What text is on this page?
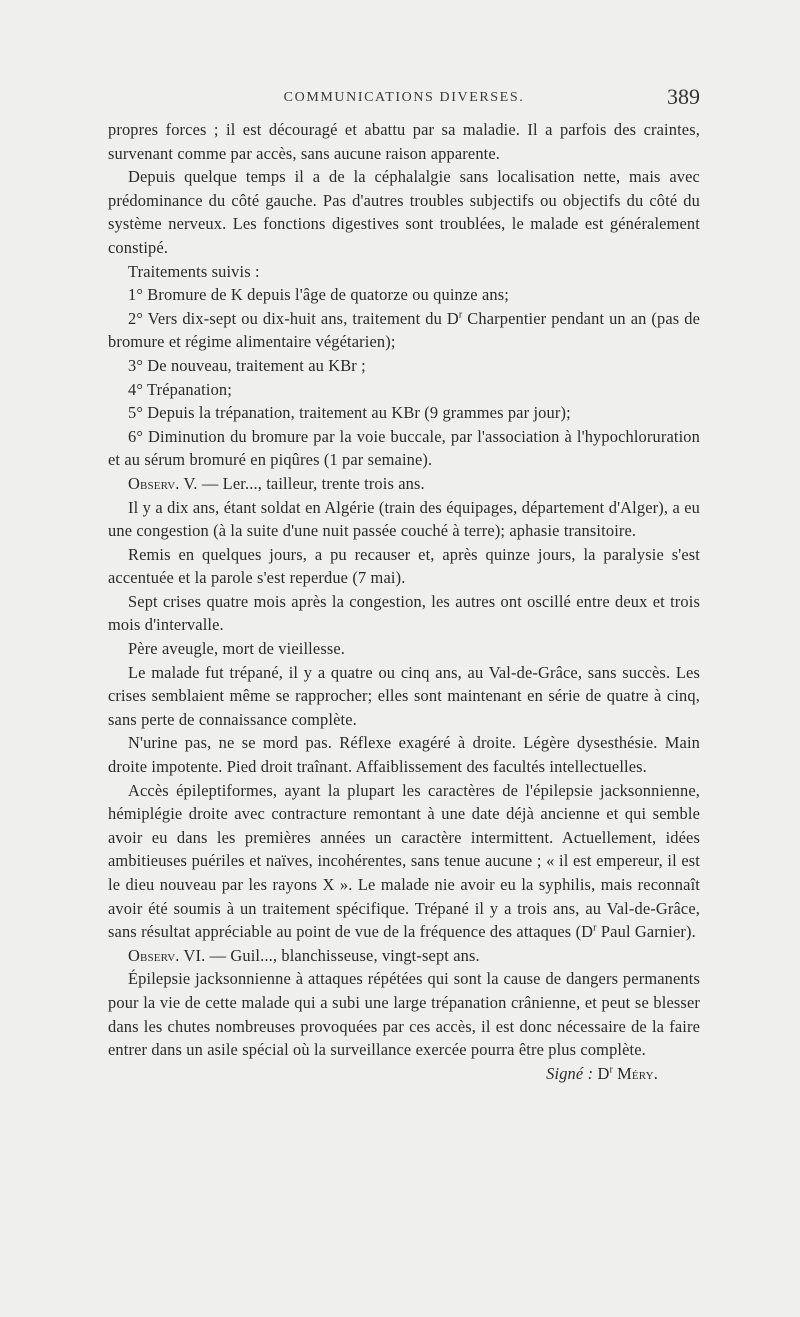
COMMUNICATIONS DIVERSES.	389

propres forces ; il est découragé et abattu par sa maladie. Il a parfois des craintes, survenant comme par accès, sans aucune raison apparente.

Depuis quelque temps il a de la céphalalgie sans localisation nette, mais avec prédominance du côté gauche. Pas d'autres troubles subjectifs ou objectifs du côté du système nerveux. Les fonctions digestives sont troublées, le malade est généralement constipé.

Traitements suivis :

1° Bromure de K depuis l'âge de quatorze ou quinze ans;

2° Vers dix-sept ou dix-huit ans, traitement du $D^r$ Charpentier pendant un an (pas de bromure et régime alimentaire végétarien);

3° De nouveau, traitement au KBr ;

4° Trépanation;

5° Depuis la trépanation, traitement au KBr (9 grammes par jour);

6° Diminution du bromure par la voie buccale, par l'association à l'hypochloruration et au sérum bromuré en piqûres (1 par semaine).

Observ. V. — Ler..., tailleur, trente trois ans.

Il y a dix ans, étant soldat en Algérie (train des équipages, département d'Alger), a eu une congestion (à la suite d'une nuit passée couché à terre); aphasie transitoire.

Remis en quelques jours, a pu recauser et, après quinze jours, la paralysie s'est accentuée et la parole s'est reperdue (7 mai).

Sept crises quatre mois après la congestion, les autres ont oscillé entre deux et trois mois d'intervalle.

Père aveugle, mort de vieillesse.

Le malade fut trépané, il y a quatre ou cinq ans, au Val-de-Grâce, sans succès. Les crises semblaient même se rapprocher; elles sont maintenant en série de quatre à cinq, sans perte de connaissance complète.

N'urine pas, ne se mord pas. Réflexe exagéré à droite. Légère dysesthésie. Main droite impotente. Pied droit traînant. Affaiblissement des facultés intellectuelles.

Accès épileptiformes, ayant la plupart les caractères de l'épilepsie jacksonnienne, hémiplégie droite avec contracture remontant à une date déjà ancienne et qui semble avoir eu dans les premières années un caractère intermittent. Actuellement, idées ambitieuses puériles et naïves, incohérentes, sans tenue aucune ; « il est empereur, il est le dieu nouveau par les rayons X ». Le malade nie avoir eu la syphilis, mais reconnaît avoir été soumis à un traitement spécifique. Trépané il y a trois ans, au Val-de-Grâce, sans résultat appréciable au point de vue de la fréquence des attaques ($D^r$ Paul Garnier).

Observ. VI. — Guil..., blanchisseuse, vingt-sept ans.

Épilepsie jacksonnienne à attaques répétées qui sont la cause de dangers permanents pour la vie de cette malade qui a subi une large trépanation crânienne, et peut se blesser dans les chutes nombreuses provoquées par ces accès, il est donc nécessaire de la faire entrer dans un asile spécial où la surveillance exercée pourra être plus complète.

Signé : $D^r$ Méry.
